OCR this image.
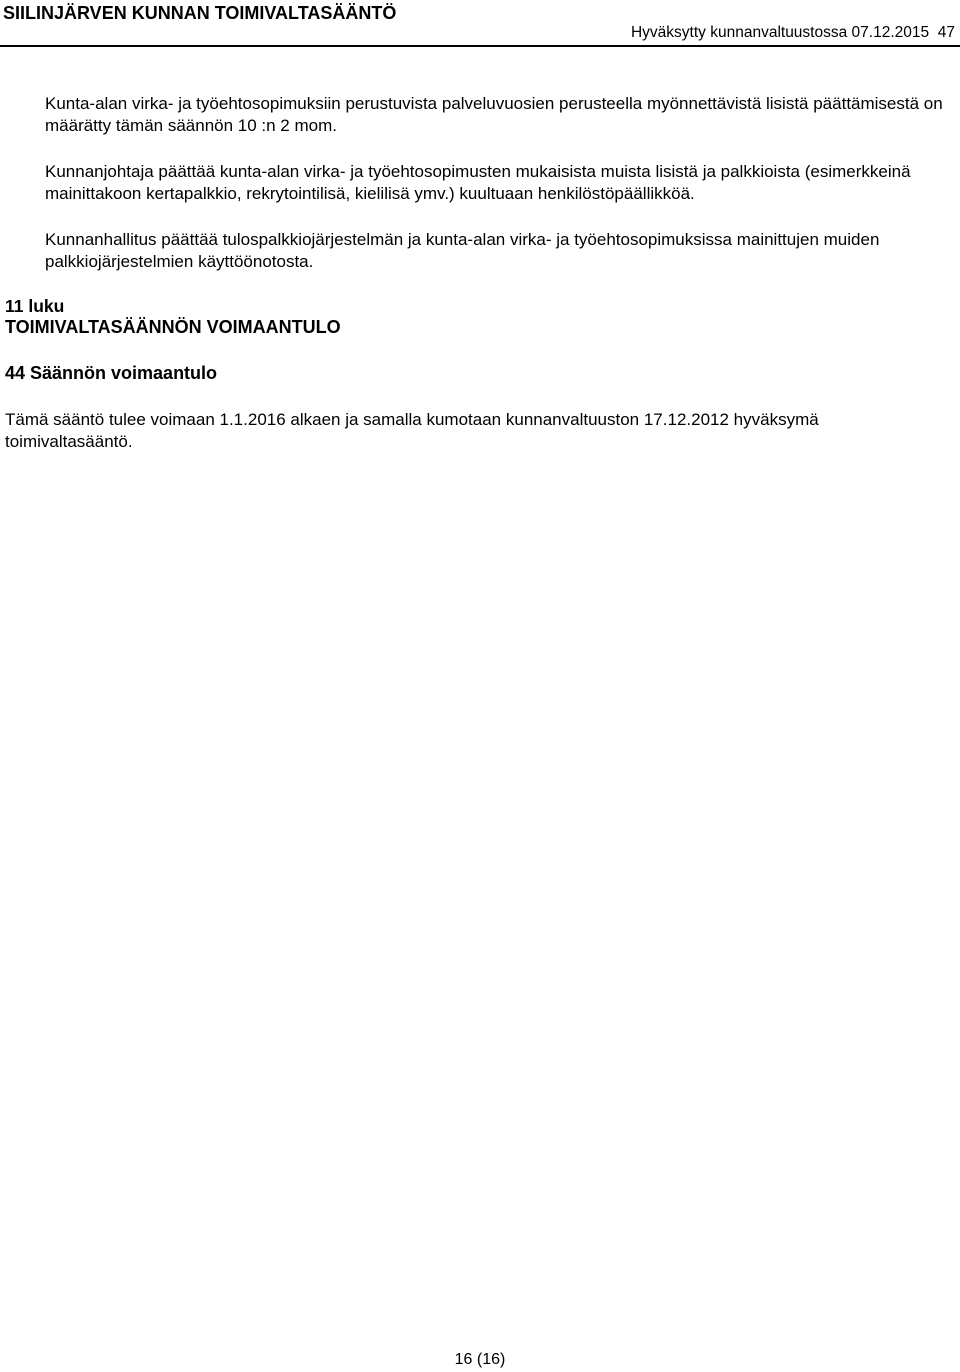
SIILINJÄRVEN KUNNAN TOIMIVALTASÄÄNTÖ
Hyväksytty kunnanvaltuustossa 07.12.2015 47

Kunta-alan virka- ja työehtosopimuksiin perustuvista palveluvuosien perusteella myönnettävistä lisistä päättämisestä on määrätty tämän säännön 10 :n 2 mom.

Kunnanjohtaja päättää kunta-alan virka- ja työehtosopimusten mukaisista muista lisistä ja palkkioista (esimerkkeinä mainittakoon kertapalkkio, rekrytointilisä, kielilisä ymv.) kuultuaan henkilöstöpäällikköä.

Kunnanhallitus päättää tulospalkkiojärjestelmän ja kunta-alan virka- ja työehtosopimuksissa mainittujen muiden palkkiojärjestelmien käyttöönotosta.

11 luku
TOIMIVALTASÄÄNNÖN VOIMAANTULO
44 Säännön voimaantulo

Tämä sääntö tulee voimaan 1.1.2016 alkaen ja samalla kumotaan kunnanvaltuuston 17.12.2012 hyväksymä toimivaltasääntö.

16 (16)
